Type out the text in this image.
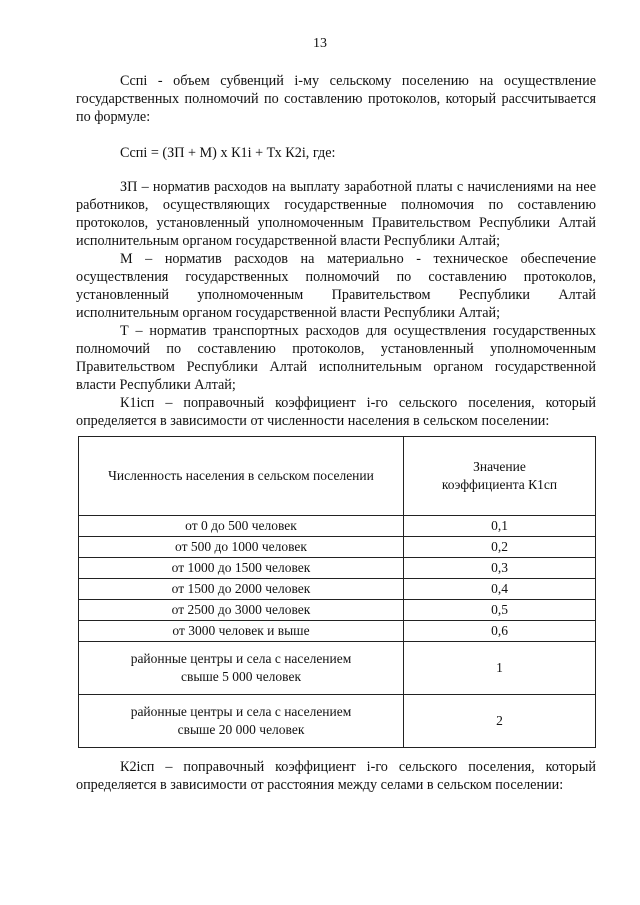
13

Ccпi - объем субвенций i-му сельскому поселению на осуществление государственных полномочий по составлению протоколов, который рассчитывается по формуле:

Ccпi = (ЗП + М) х К1i + Тх К2i, где:

ЗП – норматив расходов на выплату заработной платы с начислениями на нее работников, осуществляющих государственные полномочия по составлению протоколов, установленный уполномоченным Правительством Республики Алтай исполнительным органом государственной власти Республики Алтай;

М – норматив расходов на материально - техническое обеспечение осуществления государственных полномочий по составлению протоколов, установленный уполномоченным Правительством Республики Алтай исполнительным органом государственной власти Республики Алтай;

Т – норматив транспортных расходов для осуществления государственных полномочий по составлению протоколов, установленный уполномоченным Правительством Республики Алтай исполнительным органом государственной власти Республики Алтай;

К1iсп – поправочный коэффициент i-го сельского поселения, который определяется в зависимости от численности населения в сельском поселении:

Численность населения в сельском поселении	Значение
коэффициента К1сп
от 0 до 500 человек	0,1
от 500 до 1000 человек	0,2
от 1000 до 1500 человек	0,3
от 1500 до 2000 человек	0,4
от 2500 до 3000 человек	0,5
от 3000 человек и выше	0,6
районные центры и села с населением
свыше 5 000 человек	1
районные центры и села с населением
свыше 20 000 человек	2

К2iсп – поправочный коэффициент i-го сельского поселения, который определяется в зависимости от расстояния между селами в сельском поселении:
